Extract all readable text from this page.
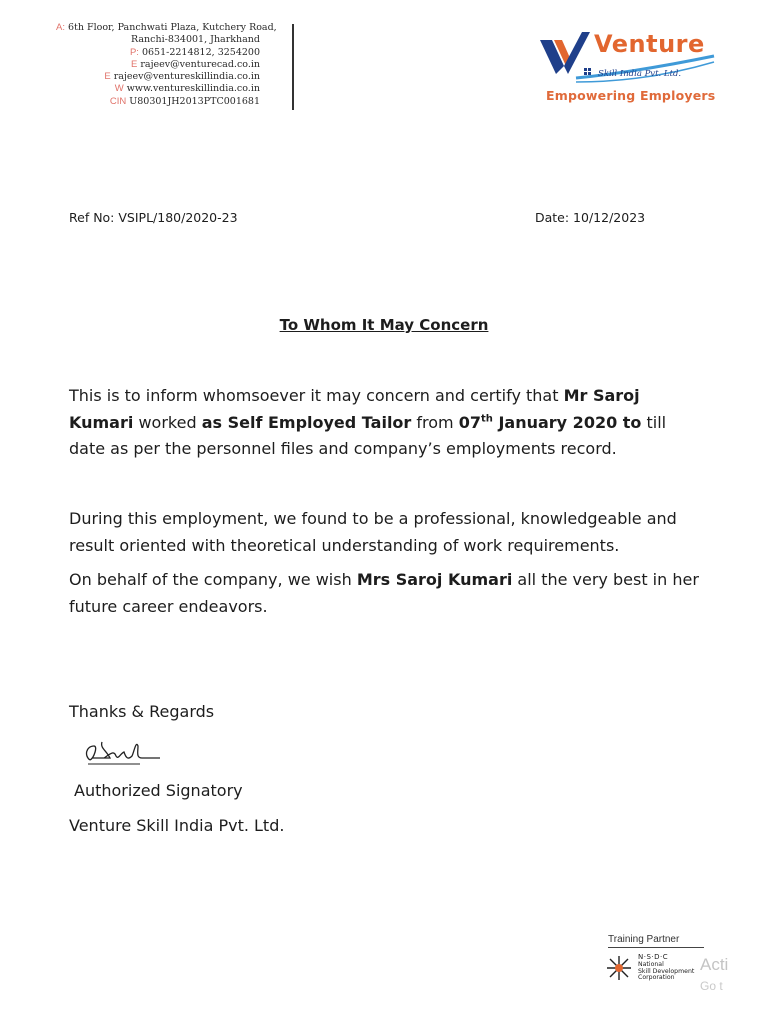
A: 6th Floor, Panchwati Plaza, Kutchery Road,
Ranchi-834001, Jharkhand
P: 0651-2214812, 3254200
E rajeev@venturecad.co.in
E rajeev@ventureskillindia.co.in
W www.ventureskillindia.co.in
CIN U80301JH2013PTC001681
Venture
Skill India Pvt. Ltd.
Empowering Employers
Ref No: VSIPL/180/2020-23	Date: 10/12/2023
To Whom It May Concern
This is to inform whomsoever it may concern and certify that Mr Saroj Kumari worked as Self Employed Tailor from 07th January 2020 to till date as per the personnel files and company’s employments record.
During this employment, we found to be a professional, knowledgeable and result oriented with theoretical understanding of work requirements.
On behalf of the company, we wish Mrs Saroj Kumari all the very best in her future career endeavors.
Thanks & Regards
Authorized Signatory
Venture Skill India Pvt. Ltd.
Training Partner
N·S·D·C
National
Skill Development
Corporation
Acti
Go t
